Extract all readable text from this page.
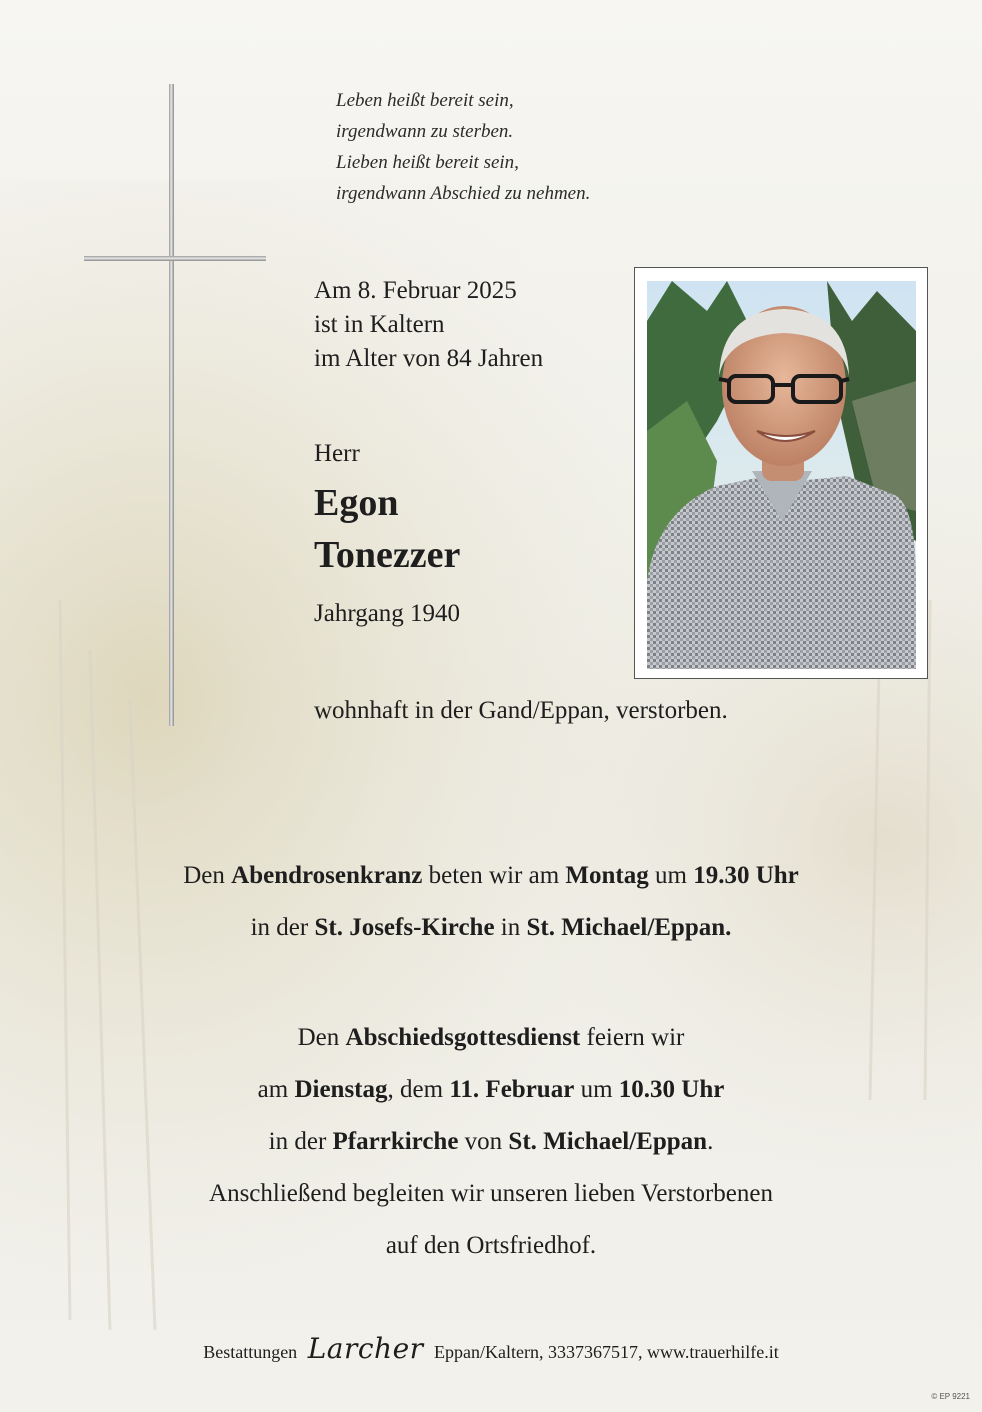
Leben heißt bereit sein,
irgendwann zu sterben.
Lieben heißt bereit sein,
irgendwann Abschied zu nehmen.
Am 8. Februar 2025
ist in Kaltern
im Alter von 84 Jahren
Herr
Egon
Tonezzer
Jahrgang 1940
wohnhaft in der Gand/Eppan, verstorben.
Den Abendrosenkranz beten wir am Montag um 19.30 Uhr
in der St. Josefs-Kirche in St. Michael/Eppan.
Den Abschiedsgottesdienst feiern wir
am Dienstag, dem 11. Februar um 10.30 Uhr
in der Pfarrkirche von St. Michael/Eppan.
Anschließend begleiten wir unseren lieben Verstorbenen
auf den Ortsfriedhof.
Bestattungen Larcher Eppan/Kaltern, 3337367517, www.trauerhilfe.it
© EP 9221
